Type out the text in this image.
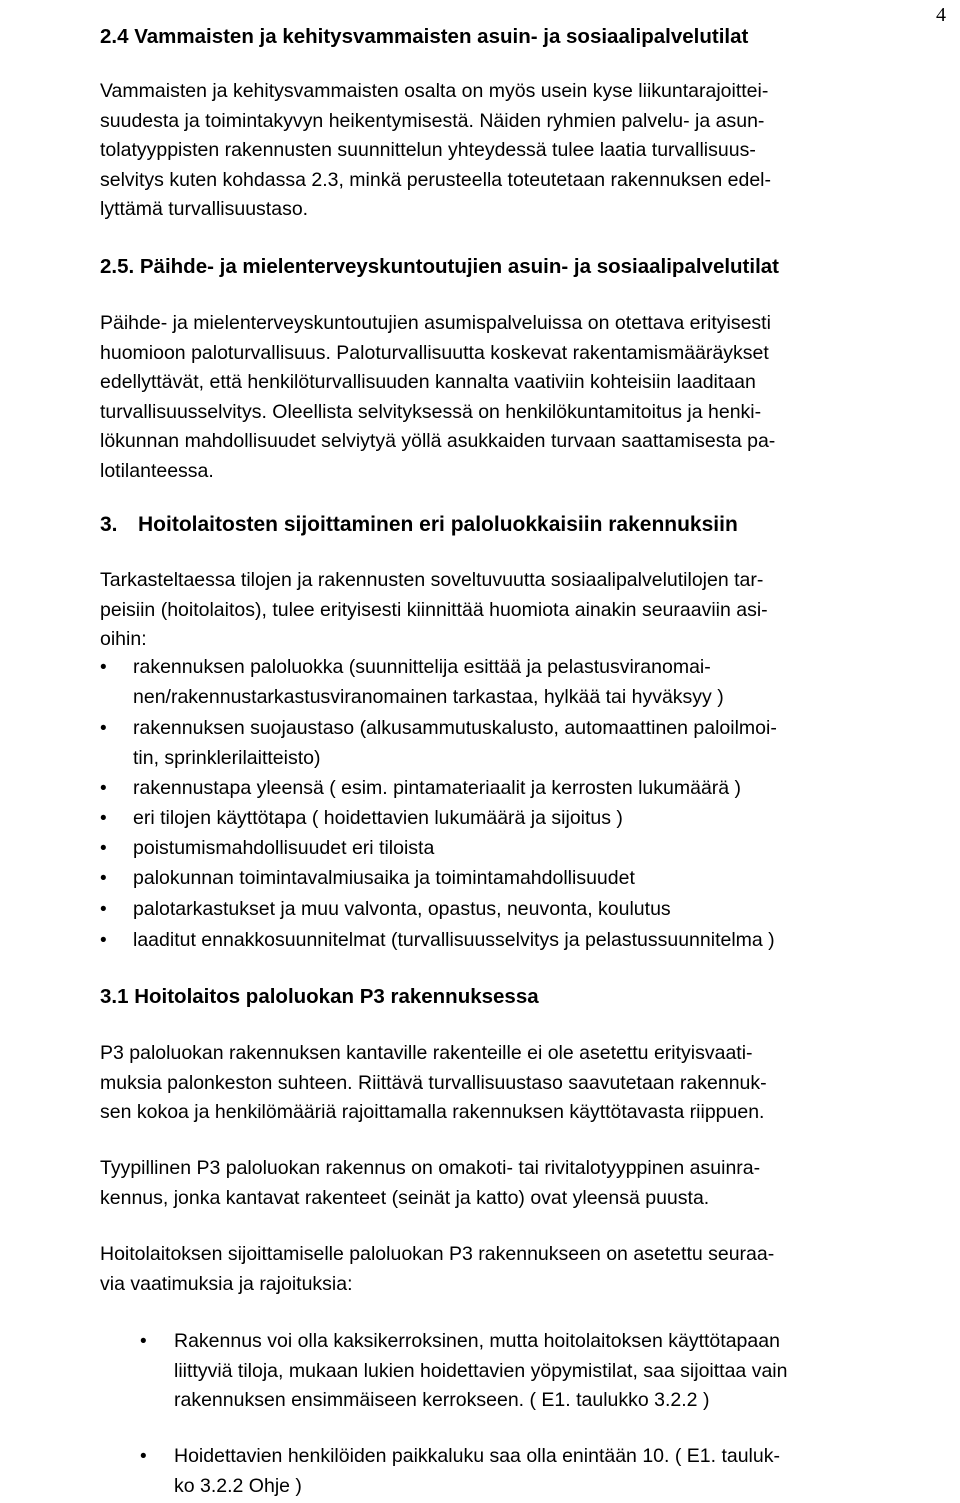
4
2.4 Vammaisten ja kehitysvammaisten asuin- ja sosiaalipalvelutilat

Vammaisten ja kehitysvammaisten osalta on myös usein kyse liikuntarajoittei-
suudesta ja toimintakyvyn heikentymisestä. Näiden ryhmien palvelu- ja asun-
tolatyyppisten rakennusten suunnittelun yhteydessä tulee laatia turvallisuus-
selvitys kuten kohdassa 2.3, minkä perusteella toteutetaan rakennuksen edel-
lyttämä turvallisuustaso.

2.5. Päihde- ja mielenterveyskuntoutujien asuin- ja sosiaalipalvelutilat

Päihde- ja mielenterveyskuntoutujien asumispalveluissa on otettava erityisesti
huomioon paloturvallisuus. Paloturvallisuutta koskevat rakentamismääräykset
edellyttävät, että henkilöturvallisuuden kannalta vaativiin kohteisiin laaditaan
turvallisuusselvitys. Oleellista selvityksessä on henkilökuntamitoitus ja henki-
lökunnan mahdollisuudet selviytyä yöllä asukkaiden turvaan saattamisesta pa-
lotilanteessa.

3. Hoitolaitosten sijoittaminen eri paloluokkaisiin rakennuksiin

Tarkasteltaessa tilojen ja rakennusten soveltuvuutta sosiaalipalvelutilojen tar-
peisiin (hoitolaitos), tulee erityisesti kiinnittää huomiota ainakin seuraaviin asi-
oihin:

• rakennuksen paloluokka (suunnittelija esittää ja pelastusviranomai-
nen/rakennustarkastusviranomainen tarkastaa, hylkää tai hyväksyy )
• rakennuksen suojaustaso (alkusammutuskalusto, automaattinen paloilmoi-
tin, sprinklerilaitteisto)
• rakennustapa yleensä ( esim. pintamateriaalit ja kerrosten lukumäärä )
• eri tilojen käyttötapa ( hoidettavien lukumäärä ja sijoitus )
• poistumismahdollisuudet eri tiloista
• palokunnan toimintavalmiusaika ja toimintamahdollisuudet
• palotarkastukset ja muu valvonta, opastus, neuvonta, koulutus
• laaditut ennakkosuunnitelmat (turvallisuusselvitys ja pelastussuunnitelma )
3.1 Hoitolaitos paloluokan P3 rakennuksessa

P3 paloluokan rakennuksen kantaville rakenteille ei ole asetettu erityisvaati-
muksia palonkeston suhteen. Riittävä turvallisuustaso saavutetaan rakennuk-
sen kokoa ja henkilömääriä rajoittamalla rakennuksen käyttötavasta riippuen.

Tyypillinen P3 paloluokan rakennus on omakoti- tai rivitalotyyppinen asuinra-
kennus, jonka kantavat rakenteet (seinät ja katto) ovat yleensä puusta.

Hoitolaitoksen sijoittamiselle paloluokan P3 rakennukseen on asetettu seuraa-
via vaatimuksia ja rajoituksia:

• Rakennus voi olla kaksikerroksinen, mutta hoitolaitoksen käyttötapaan
liittyviä tiloja, mukaan lukien hoidettavien yöpymistilat, saa sijoittaa vain
rakennuksen ensimmäiseen kerrokseen. ( E1. taulukko 3.2.2 )
• Hoidettavien henkilöiden paikkaluku saa olla enintään 10. ( E1. tauluk-
ko 3.2.2 Ohje )
